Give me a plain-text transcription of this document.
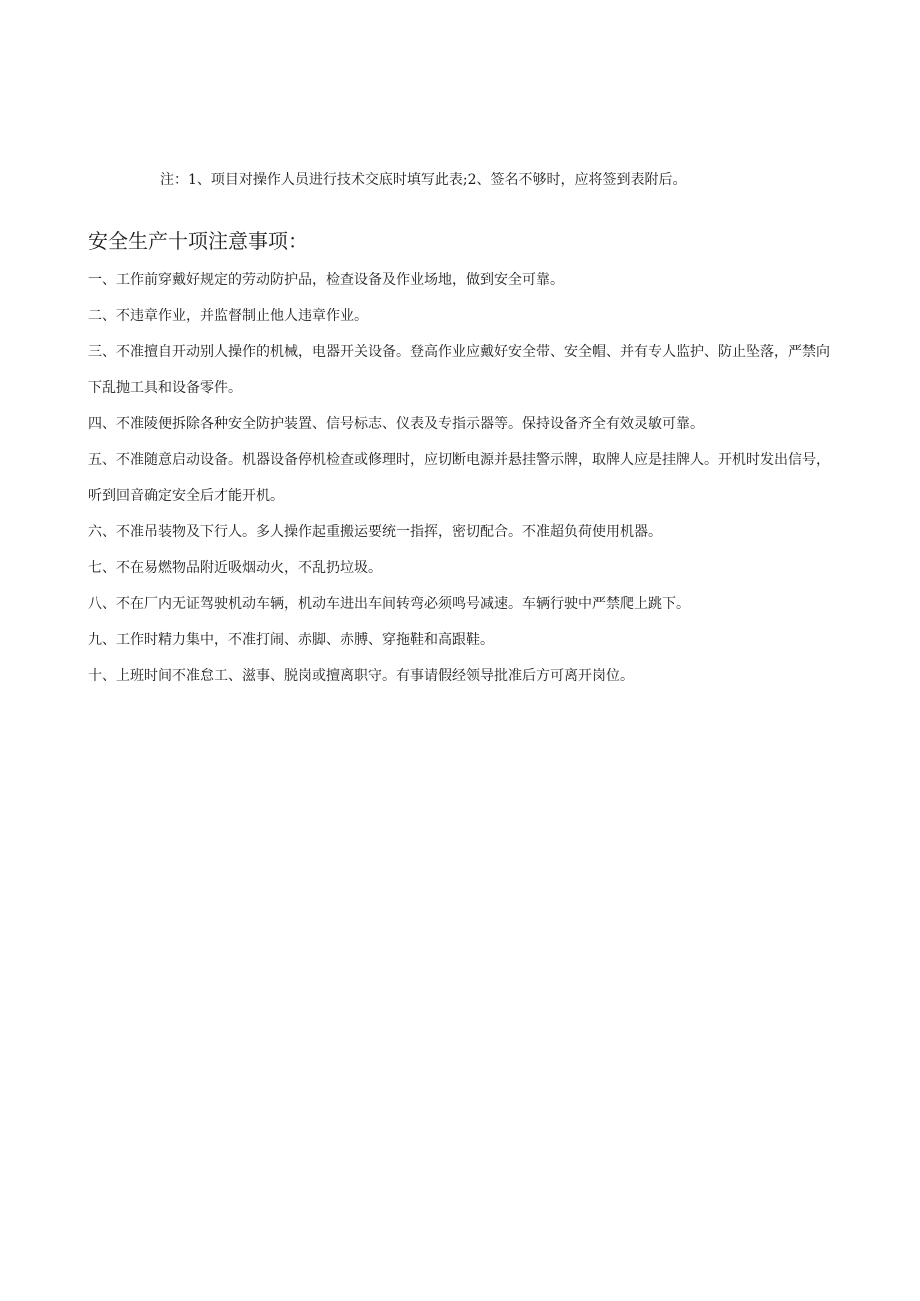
注：1、项目对操作人员进行技术交底时填写此表;2、签名不够时，应将签到表附后。
安全生产十项注意事项：
一、工作前穿戴好规定的劳动防护品，检查设备及作业场地，做到安全可靠。
二、不违章作业，并监督制止他人违章作业。
三、不准擅自开动别人操作的机械，电器开关设备。登高作业应戴好安全带、安全帽、并有专人监护、防止坠落，严禁向下乱抛工具和设备零件。
四、不准陵便拆除各种安全防护装置、信号标志、仪表及专指示器等。保持设备齐全有效灵敏可靠。
五、不准随意启动设备。机器设备停机检查或修理时，应切断电源并悬挂警示牌，取牌人应是挂牌人。开机时发出信号，听到回音确定安全后才能开机。
六、不准吊装物及下行人。多人操作起重搬运要统一指挥，密切配合。不准超负荷使用机器。
七、不在易燃物品附近吸烟动火，不乱扔垃圾。
八、不在厂内无证驾驶机动车辆，机动车进出车间转弯必须鸣号减速。车辆行驶中严禁爬上跳下。
九、工作时精力集中，不准打闹、赤脚、赤膊、穿拖鞋和高跟鞋。
十、上班时间不准怠工、滋事、脱岗或擅离职守。有事请假经领导批准后方可离开岗位。
